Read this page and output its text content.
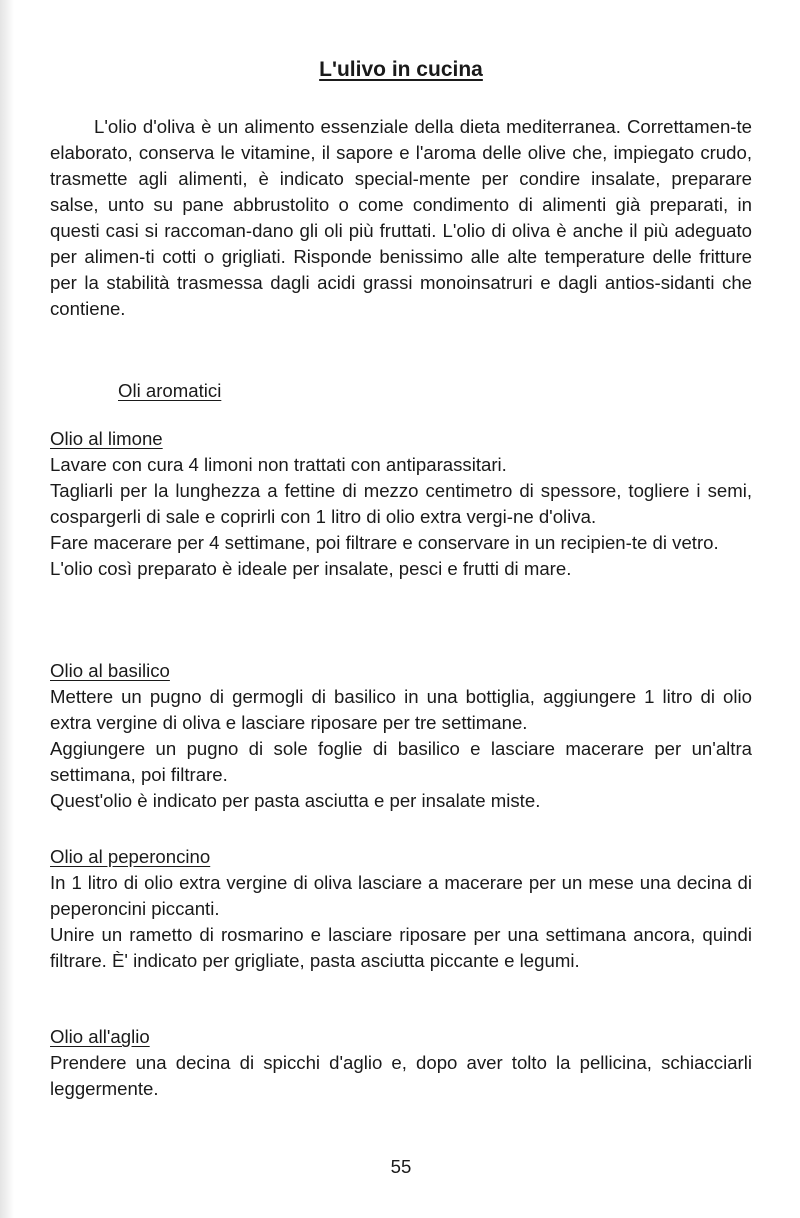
L'ulivo in cucina

L'olio d'oliva è un alimento essenziale della dieta mediterranea. Correttamen-te elaborato, conserva le vitamine, il sapore e l'aroma delle olive che, impiegato crudo, trasmette agli alimenti, è indicato special-mente per condire insalate, preparare salse, unto su pane abbrustolito o come condimento di alimenti già preparati, in questi casi si raccoman-dano gli oli più fruttati. L'olio di oliva è anche il più adeguato per alimen-ti cotti o grigliati. Risponde benissimo alle alte temperature delle fritture per la stabilità trasmessa dagli acidi grassi monoinsatruri e dagli antios-sidanti che contiene.

Oli aromatici
Olio al limone

Lavare con cura 4 limoni non trattati con antiparassitari.

Tagliarli per la lunghezza a fettine di mezzo centimetro di spessore, togliere i semi, cospargerli di sale e coprirli con 1 litro di olio extra vergi-ne d'oliva.

Fare macerare per 4 settimane, poi filtrare e conservare in un recipien-te di vetro.

L'olio così preparato è ideale per insalate, pesci e frutti di mare.

Olio al basilico

Mettere un pugno di germogli di basilico in una bottiglia, aggiungere 1 litro di olio extra vergine di oliva e lasciare riposare per tre settimane.

Aggiungere un pugno di sole foglie di basilico e lasciare macerare per un'altra settimana, poi filtrare.

Quest'olio è indicato per pasta asciutta e per insalate miste.

Olio al peperoncino

In 1 litro di olio extra vergine di oliva lasciare a macerare per un mese una decina di peperoncini piccanti.

Unire un rametto di rosmarino e lasciare riposare per una settimana ancora, quindi filtrare. È' indicato per grigliate, pasta asciutta piccante e legumi.

Olio all'aglio

Prendere una decina di spicchi d'aglio e, dopo aver tolto la pellicina, schiacciarli leggermente.

55
